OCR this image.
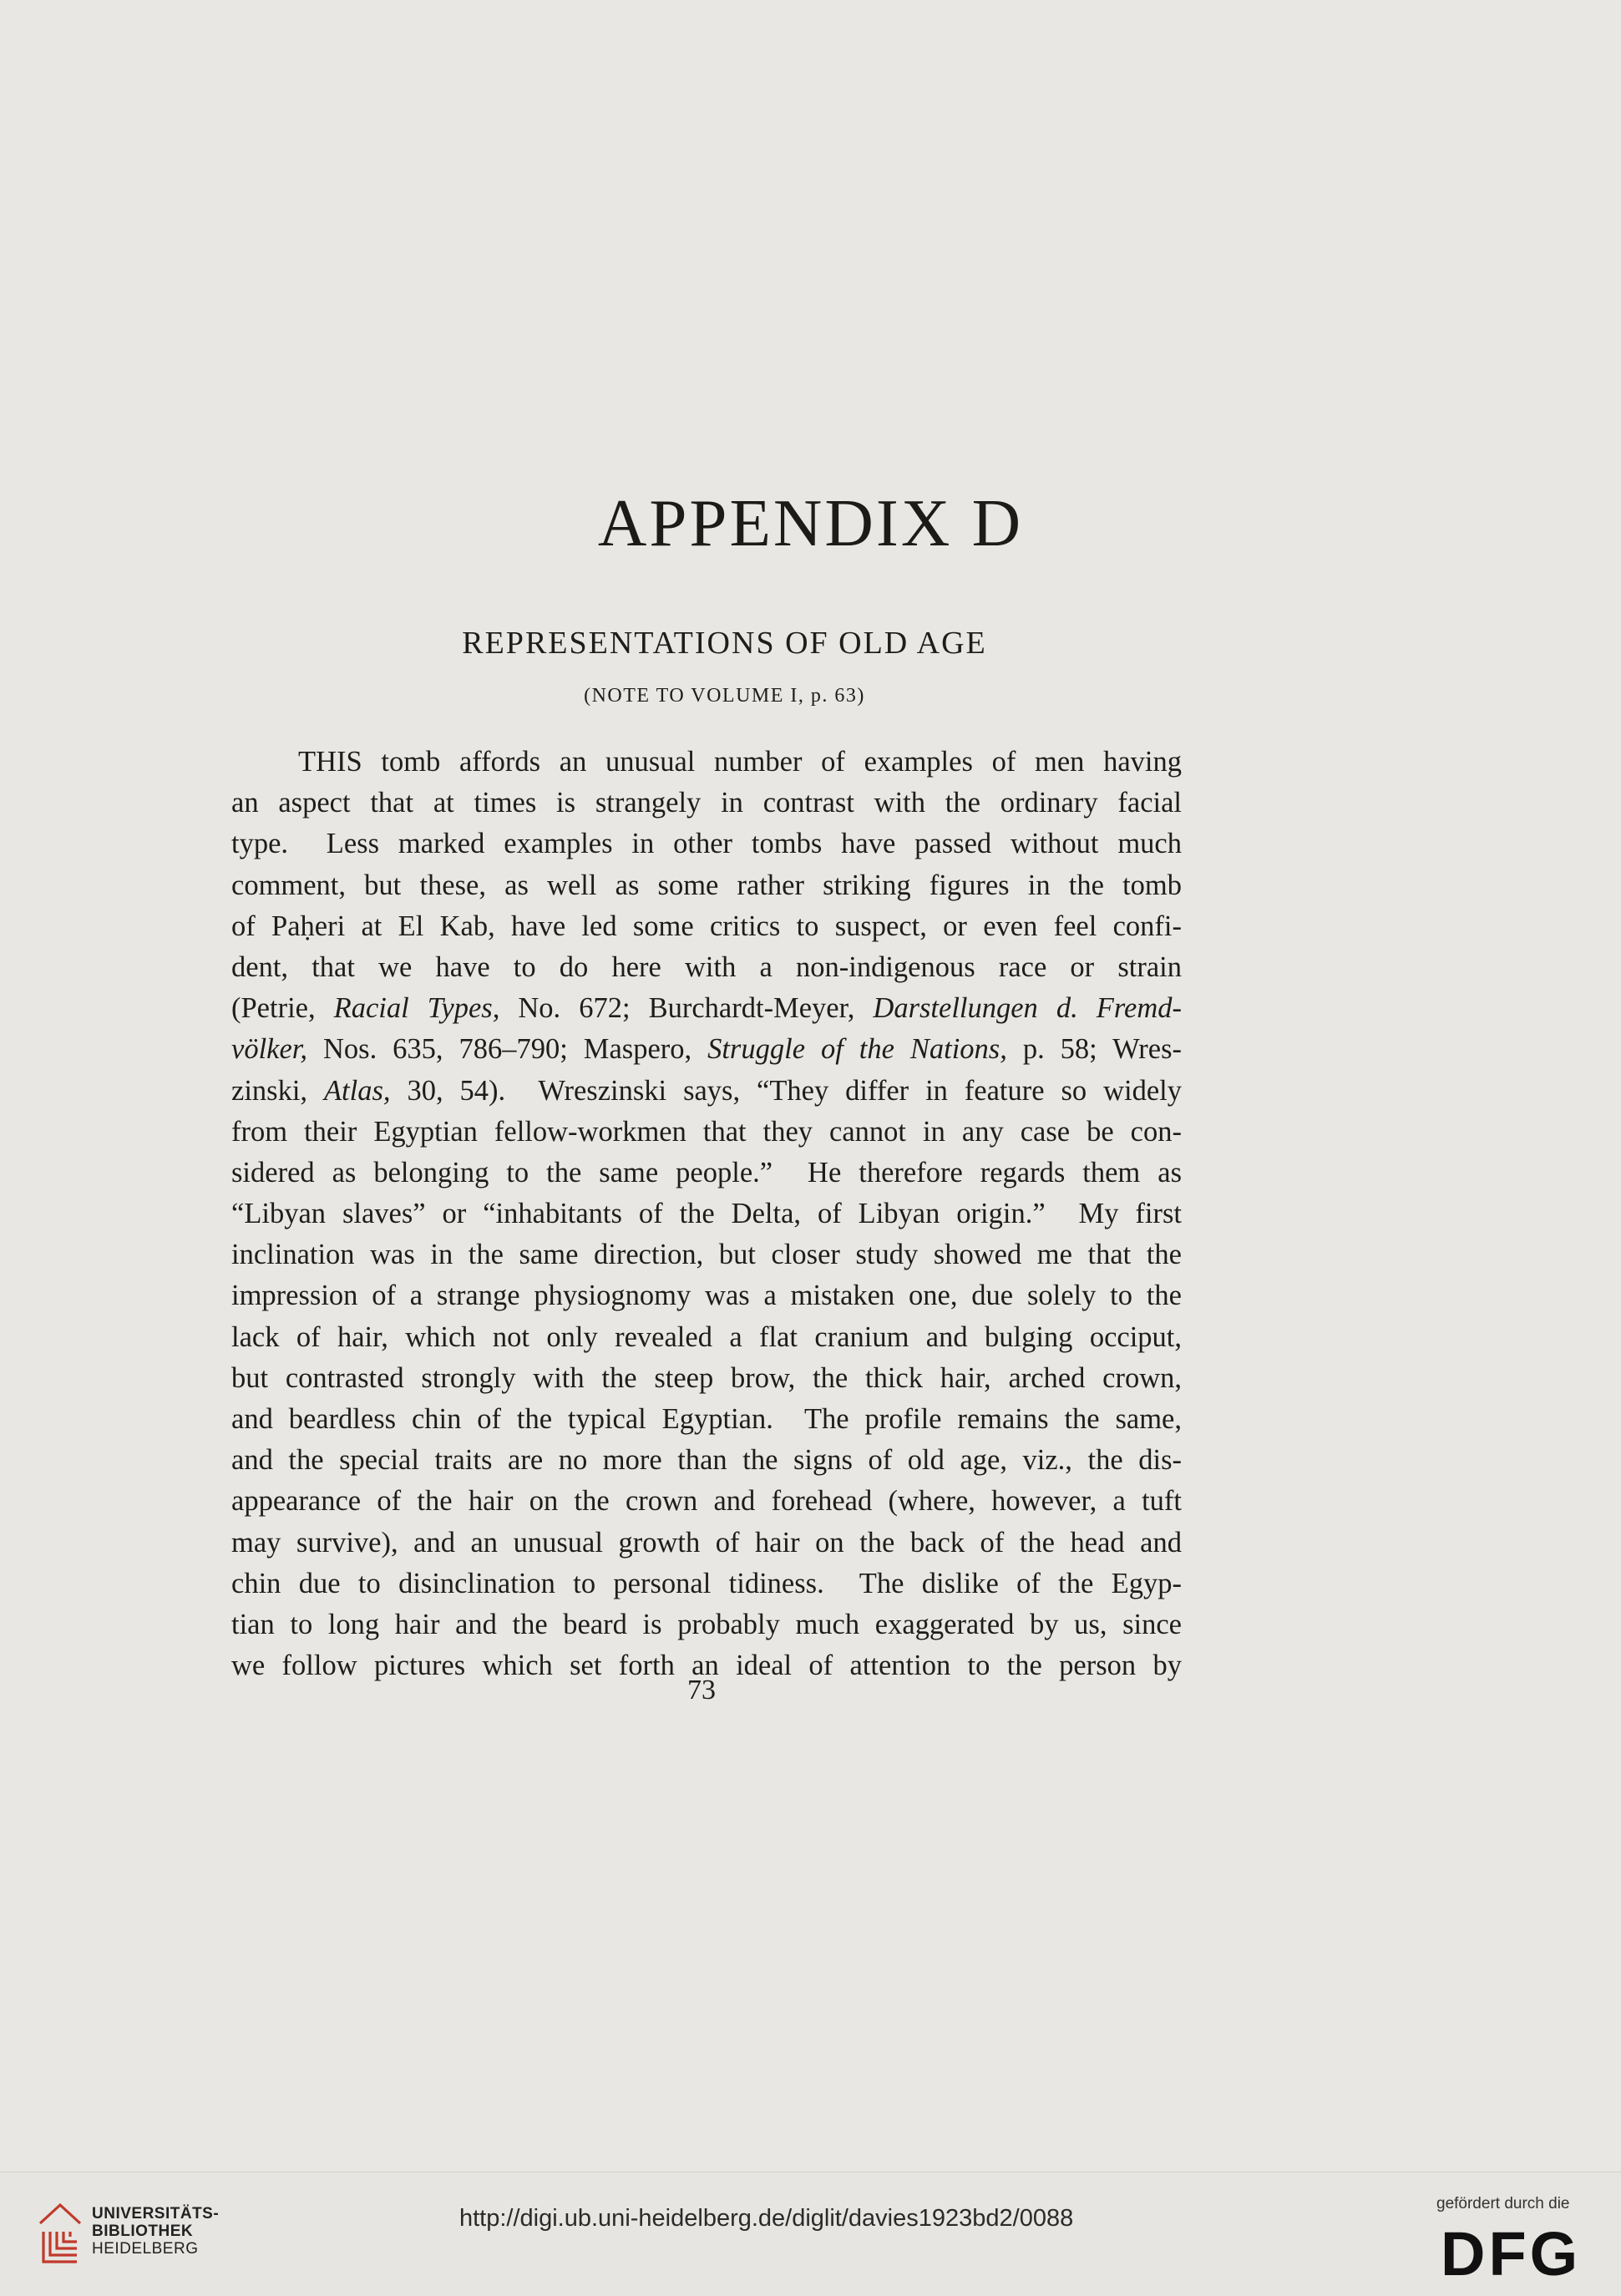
APPENDIX D
REPRESENTATIONS OF OLD AGE

(NOTE TO VOLUME I, p. 63)

THIS tomb affords an unusual number of examples of men having
an aspect that at times is strangely in contrast with the ordinary facial
type.  Less marked examples in other tombs have passed without much
comment, but these, as well as some rather striking figures in the tomb
of Paḥeri at El Kab, have led some critics to suspect, or even feel confi-
dent, that we have to do here with a non-indigenous race or strain
(Petrie, Racial Types, No. 672; Burchardt-Meyer, Darstellungen d. Fremd-
völker, Nos. 635, 786–790; Maspero, Struggle of the Nations, p. 58; Wres-
zinski, Atlas, 30, 54).  Wreszinski says, “They differ in feature so widely
from their Egyptian fellow-workmen that they cannot in any case be con-
sidered as belonging to the same people.”  He therefore regards them as
“Libyan slaves” or “inhabitants of the Delta, of Libyan origin.”  My first
inclination was in the same direction, but closer study showed me that the
impression of a strange physiognomy was a mistaken one, due solely to the
lack of hair, which not only revealed a flat cranium and bulging occiput,
but contrasted strongly with the steep brow, the thick hair, arched crown,
and beardless chin of the typical Egyptian.  The profile remains the same,
and the special traits are no more than the signs of old age, viz., the dis-
appearance of the hair on the crown and forehead (where, however, a tuft
may survive), and an unusual growth of hair on the back of the head and
chin due to disinclination to personal tidiness.  The dislike of the Egyp-
tian to long hair and the beard is probably much exaggerated by us, since
we follow pictures which set forth an ideal of attention to the person by

73

UNIVERSITÄTS-
BIBLIOTHEK
HEIDELBERG
http://digi.ub.uni-heidelberg.de/diglit/davies1923bd2/0088
gefördert durch die
DFG
